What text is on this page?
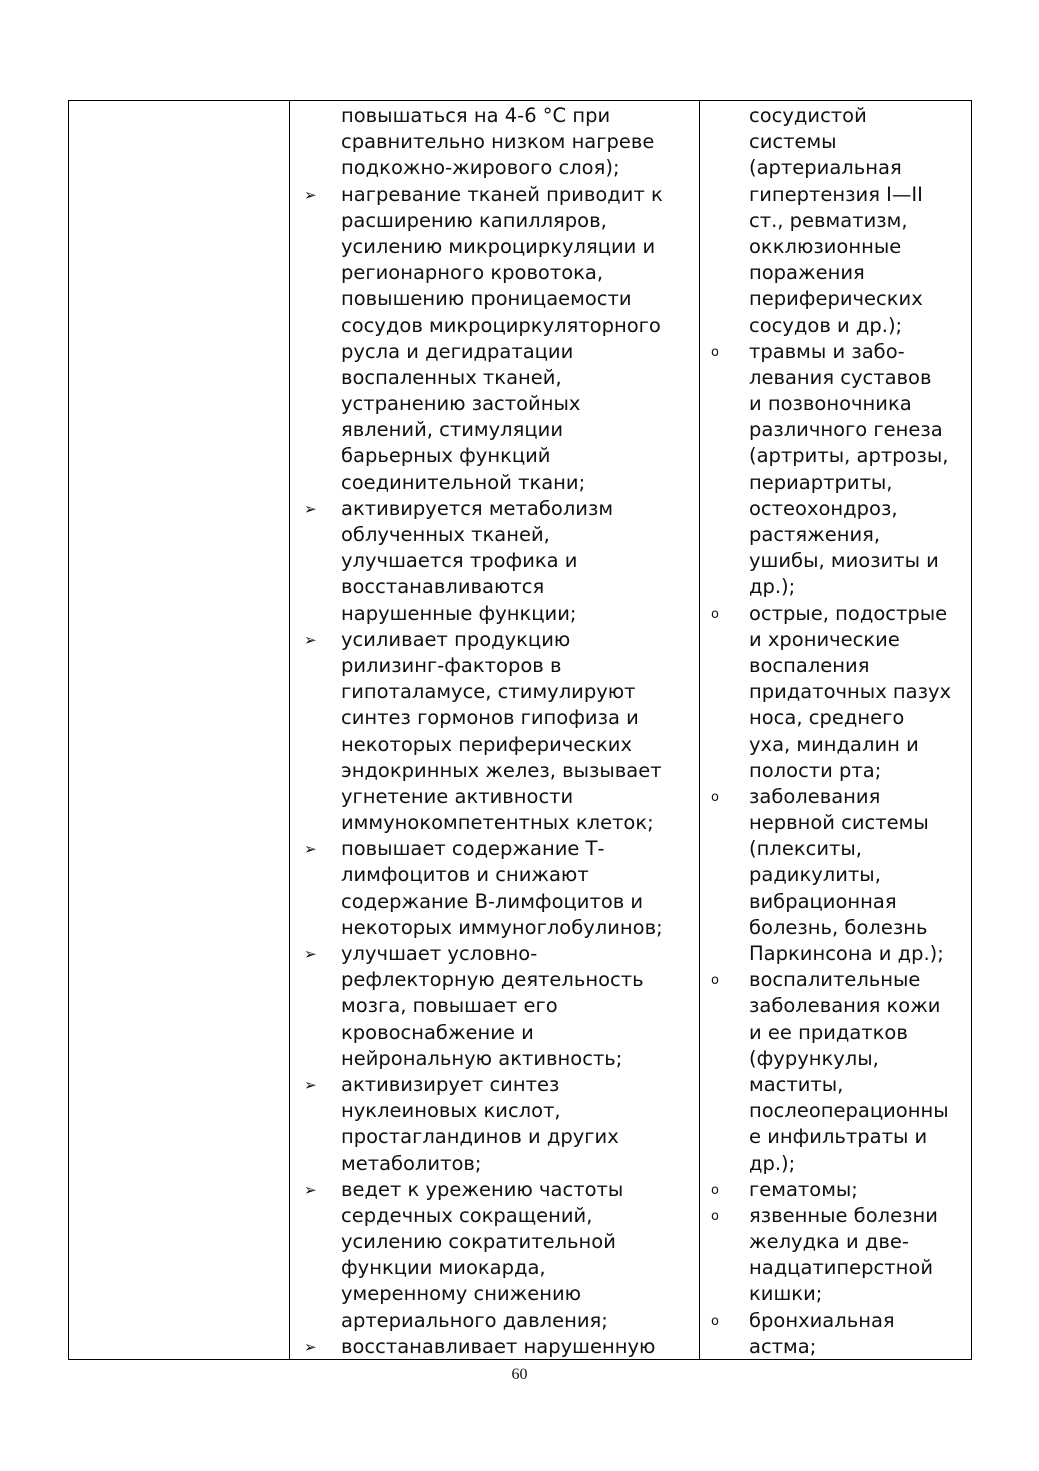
повышаться на 4-6 °С при
сравнительно низком нагреве
подкожно-жирового слоя);
➢ нагревание тканей приводит к
расширению капилляров,
усилению микроциркуляции и
регионарного кровотока,
повышению проницаемости
сосудов микроциркуляторного
русла и дегидратации
воспаленных тканей,
устранению застойных
явлений, стимуляции
барьерных функций
соединительной ткани;
➢ активируется метаболизм
облученных тканей,
улучшается трофика и
восстанавливаются
нарушенные функции;
➢ усиливает продукцию
рилизинг-факторов в
гипоталамусе, стимулируют
синтез гормонов гипофиза и
некоторых периферических
эндокринных желез, вызывает
угнетение активности
иммунокомпетентных клеток;
➢ повышает содержание Т-
лимфоцитов и снижают
содержание В-лимфоцитов и
некоторых иммуноглобулинов;
➢ улучшает условно-
рефлекторную деятельность
мозга, повышает его
кровоснабжение и
нейрональную активность;
➢ активизирует синтез
нуклеиновых кислот,
простагландинов и других
метаболитов;
➢ ведет к урежению частоты
сердечных сокращений,
усилению сократительной
функции миокарда,
умеренному снижению
артериального давления;
➢ восстанавливает нарушенную
сосудистой
системы
(артериальная
гипертензия I—II
ст., ревматизм,
окклюзионные
поражения
периферических
сосудов и др.);
o травмы и забо-
левания суставов
и позвоночника
различного генеза
(артриты, артрозы,
периартриты,
остеохондроз,
растяжения,
ушибы, миозиты и
др.);
o острые, подострые
и хронические
воспаления
придаточных пазух
носа, среднего
уха, миндалин и
полости рта;
o заболевания
нервной системы
(плекситы,
радикулиты,
вибрационная
болезнь, болезнь
Паркинсона и др.);
o воспалительные
заболевания кожи
и ее придатков
(фурункулы,
маститы,
послеоперационны
е инфильтраты и
др.);
o гематомы;
o язвенные болезни
желудка и две-
надцатиперстной
кишки;
o бронхиальная
астма;
60
